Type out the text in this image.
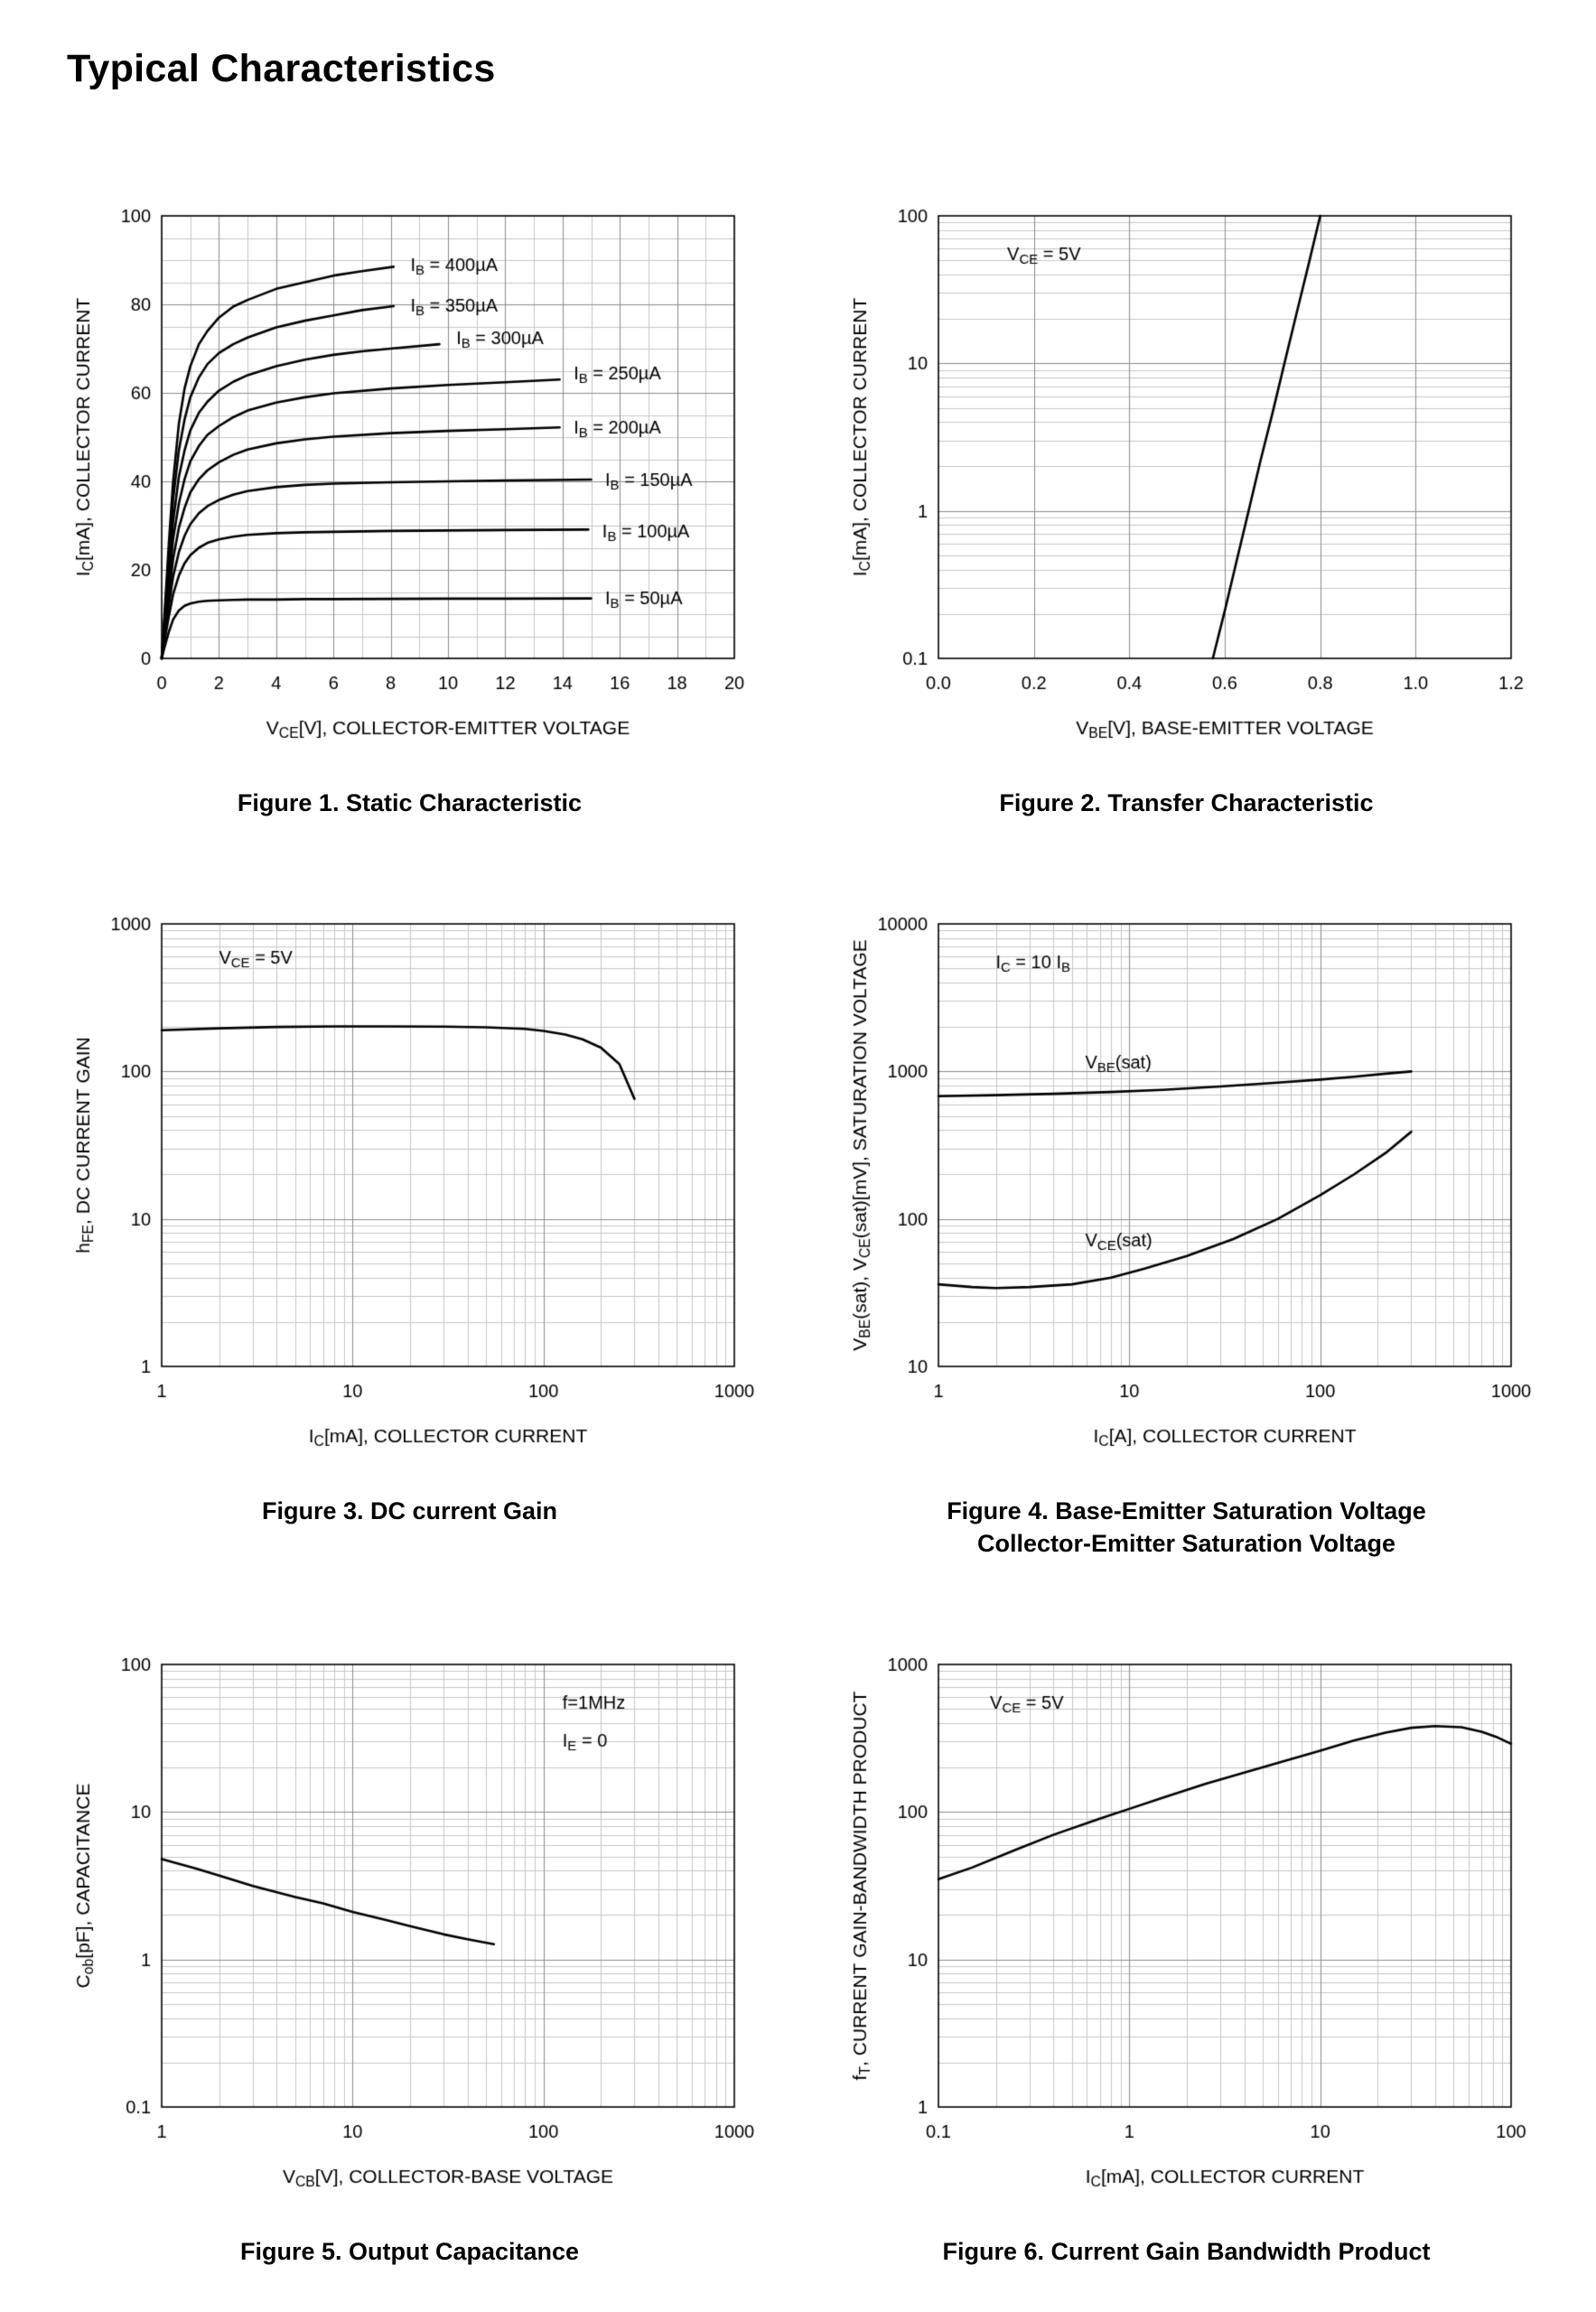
Typical Characteristics
Figure 1. Static Characteristic	Figure 2. Transfer Characteristic
Figure 3. DC current Gain	Figure 4. Base-Emitter Saturation Voltage
Collector-Emitter Saturation Voltage
Figure 5. Output Capacitance	Figure 6. Current Gain Bandwidth Product
